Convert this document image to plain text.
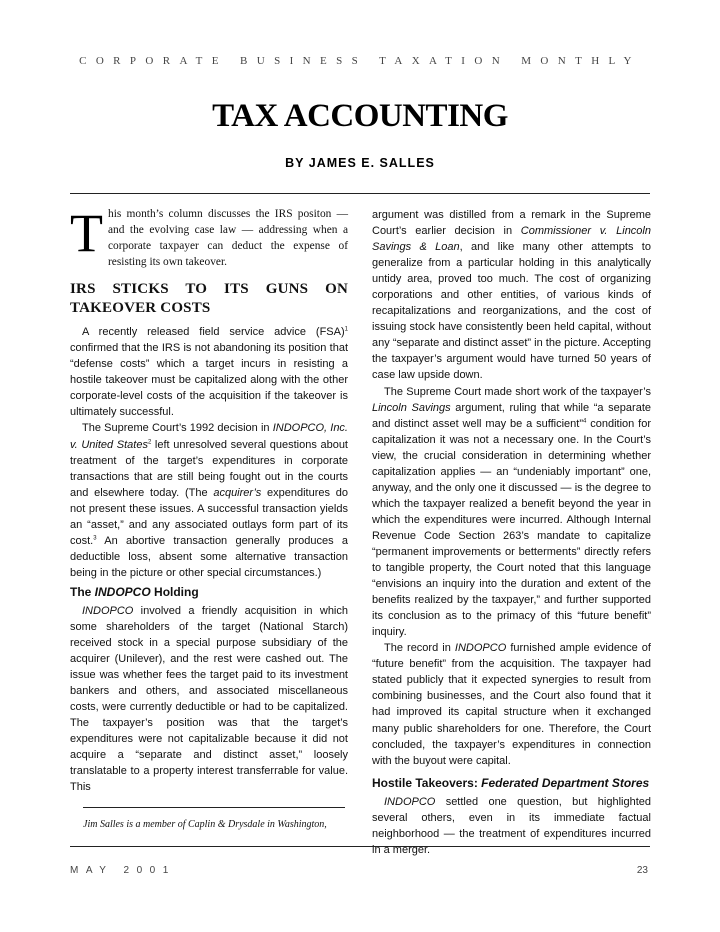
CORPORATE BUSINESS TAXATION MONTHLY
TAX ACCOUNTING
BY JAMES E. SALLES

This month’s column discusses the IRS positon — and the evolving case law — addressing when a corporate taxpayer can deduct the expense of resisting its own takeover.

IRS STICKS TO ITS GUNS ON TAKEOVER COSTS

A recently released field service advice (FSA)$^1$ confirmed that the IRS is not abandoning its position that “defense costs” which a target incurs in resisting a hostile takeover must be capitalized along with the other corporate-level costs of the acquisition if the takeover is ultimately successful.

The Supreme Court’s 1992 decision in INDOPCO, Inc. v. United States$^2$ left unresolved several questions about treatment of the target’s expenditures in corporate transactions that are still being fought out in the courts and elsewhere today. (The acquirer’s expenditures do not present these issues. A successful transaction yields an “asset,” and any associated outlays form part of its cost.$^3$ An abortive transaction generally produces a deductible loss, absent some alternative transaction being in the picture or other special circumstances.)

The INDOPCO Holding

INDOPCO involved a friendly acquisition in which some shareholders of the target (National Starch) received stock in a special purpose subsidiary of the acquirer (Unilever), and the rest were cashed out. The issue was whether fees the target paid to its investment bankers and others, and associated miscellaneous costs, were currently deductible or had to be capitalized. The taxpayer’s position was that the target’s expenditures were not capitalizable because it did not acquire a “separate and distinct asset,” loosely translatable to a property interest transferrable for value. This

argument was distilled from a remark in the Supreme Court’s earlier decision in Commissioner v. Lincoln Savings & Loan, and like many other attempts to generalize from a particular holding in this analytically untidy area, proved too much. The cost of organizing corporations and other entities, of various kinds of recapitalizations and reorganizations, and the cost of issuing stock have consistently been held capital, without any “separate and distinct asset” in the picture. Accepting the taxpayer’s argument would have turned 50 years of case law upside down.

The Supreme Court made short work of the taxpayer’s Lincoln Savings argument, ruling that while “a separate and distinct asset well may be a sufficient”$^4$ condition for capitalization it was not a necessary one. In the Court’s view, the crucial consideration in determining whether capitalization applies — an “undeniably important” one, anyway, and the only one it discussed — is the degree to which the taxpayer realized a benefit beyond the year in which the expenditures were incurred. Although Internal Revenue Code Section 263’s mandate to capitalize “permanent improvements or betterments” directly refers to tangible property, the Court noted that this language “envisions an inquiry into the duration and extent of the benefits realized by the taxpayer,” and further supported its conclusion as to the primacy of this “future benefit” inquiry.

The record in INDOPCO furnished ample evidence of “future benefit” from the acquisition. The taxpayer had stated publicly that it expected synergies to result from combining businesses, and the Court also found that it had improved its capital structure when it exchanged many public shareholders for one. Therefore, the Court concluded, the taxpayer’s expenditures in connection with the buyout were capital.

Hostile Takeovers: Federated Department Stores

INDOPCO settled one question, but highlighted several others, even in its immediate factual neighborhood — the treatment of expenditures incurred in a merger.

Jim Salles is a member of Caplin & Drysdale in Washington,
MAY 2001	23
